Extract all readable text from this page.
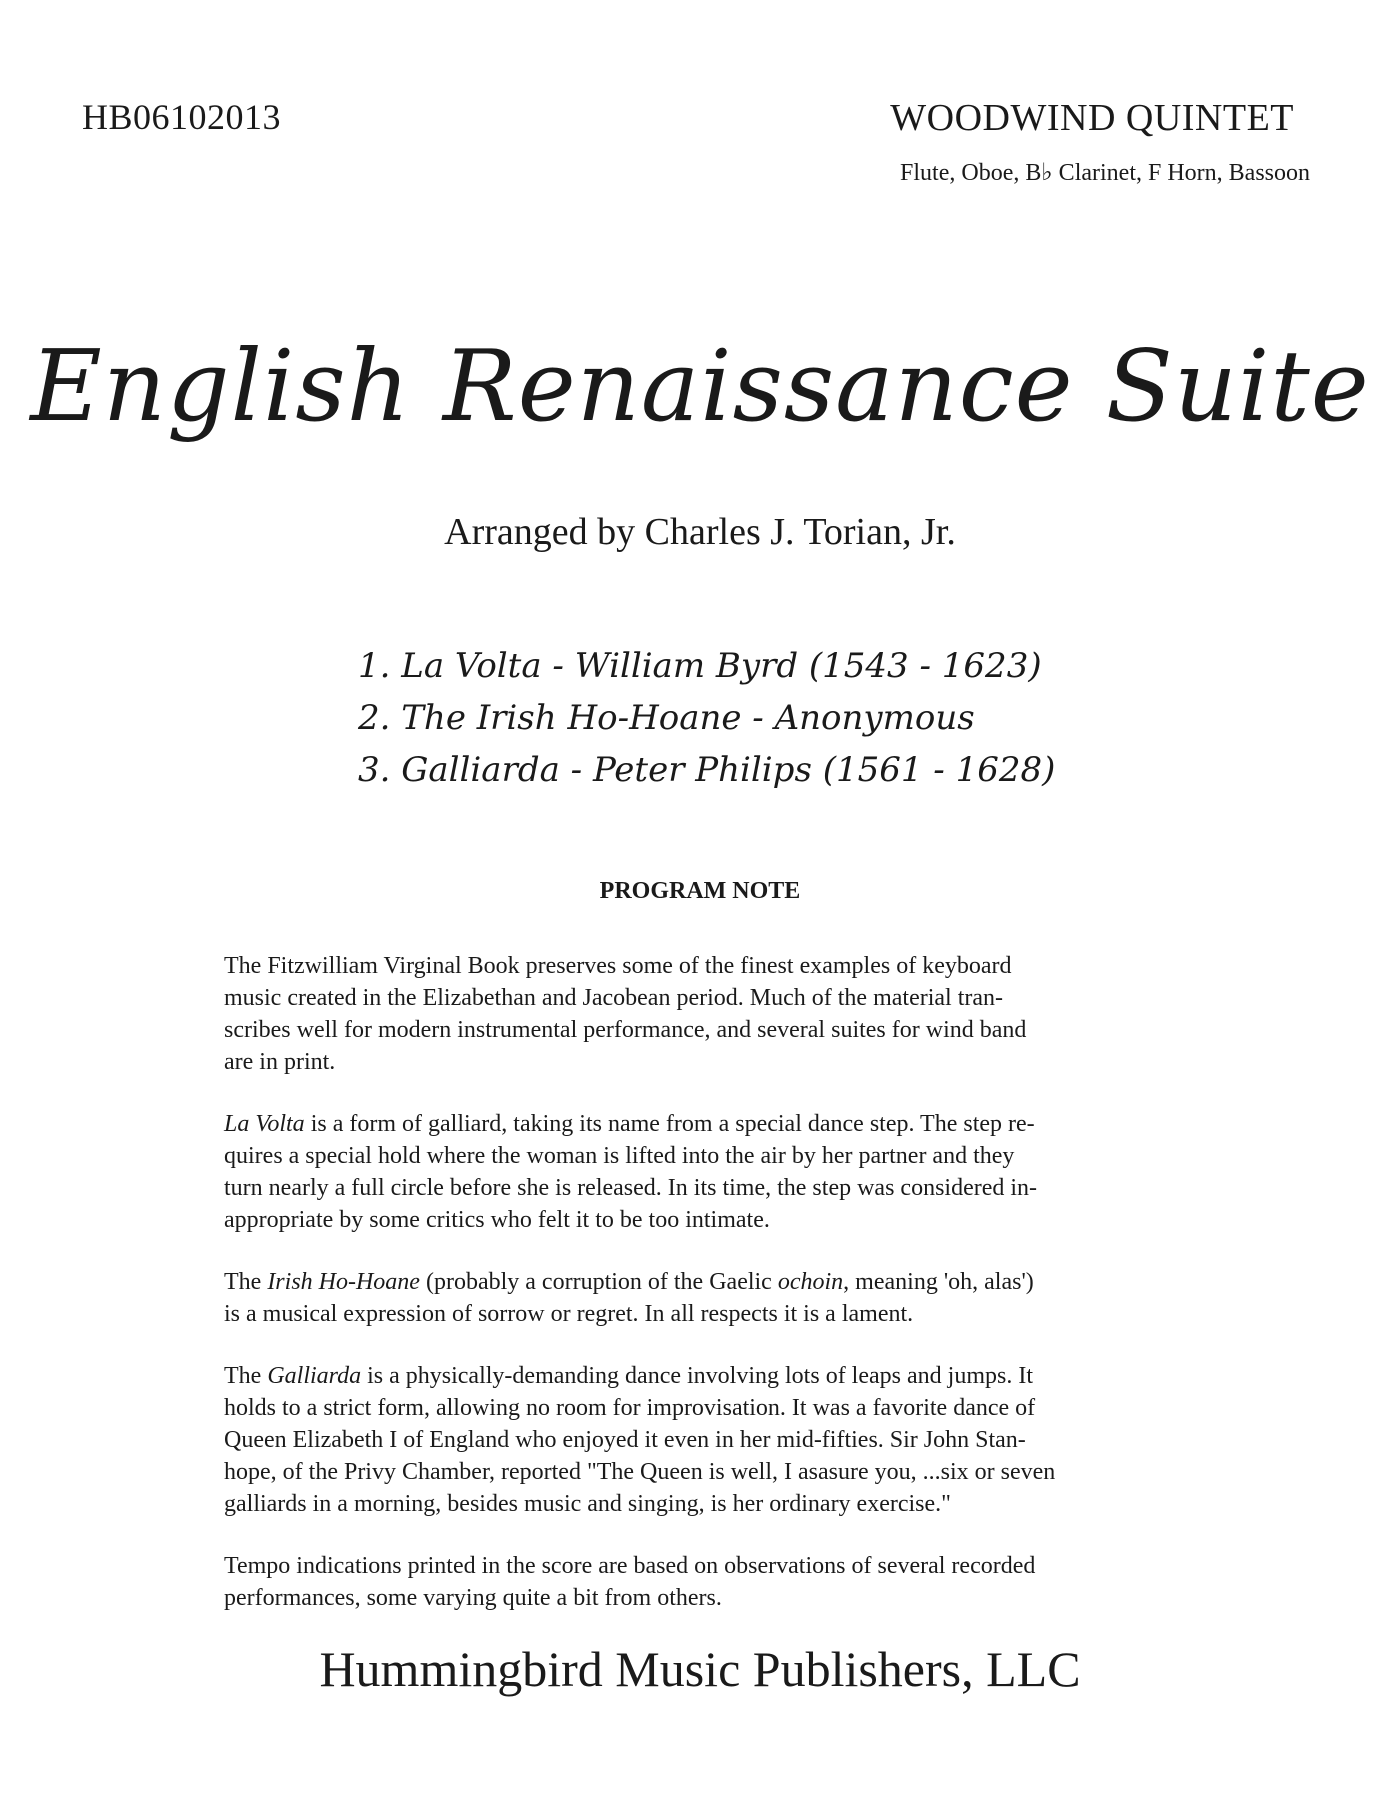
HB06102013	WOODWIND QUINTET
Flute, Oboe, B♭ Clarinet, F Horn, Bassoon
English Renaissance Suite
Arranged by Charles J. Torian, Jr.
1. La Volta - William Byrd (1543 - 1623)
2. The Irish Ho-Hoane - Anonymous
3. Galliarda - Peter Philips (1561 - 1628)
PROGRAM NOTE

The Fitzwilliam Virginal Book preserves some of the finest examples of keyboard
music created in the Elizabethan and Jacobean period. Much of the material tran-
scribes well for modern instrumental performance, and several suites for wind band
are in print.

La Volta is a form of galliard, taking its name from a special dance step. The step re-
quires a special hold where the woman is lifted into the air by her partner and they
turn nearly a full circle before she is released. In its time, the step was considered in-
appropriate by some critics who felt it to be too intimate.

The Irish Ho-Hoane (probably a corruption of the Gaelic ochoin, meaning 'oh, alas')
is a musical expression of sorrow or regret. In all respects it is a lament.

The Galliarda is a physically-demanding dance involving lots of leaps and jumps. It
holds to a strict form, allowing no room for improvisation. It was a favorite dance of
Queen Elizabeth I of England who enjoyed it even in her mid-fifties. Sir John Stan-
hope, of the Privy Chamber, reported "The Queen is well, I asasure you, ...six or seven
galliards in a morning, besides music and singing, is her ordinary exercise."

Tempo indications printed in the score are based on observations of several recorded
performances, some varying quite a bit from others.

Hummingbird Music Publishers, LLC
